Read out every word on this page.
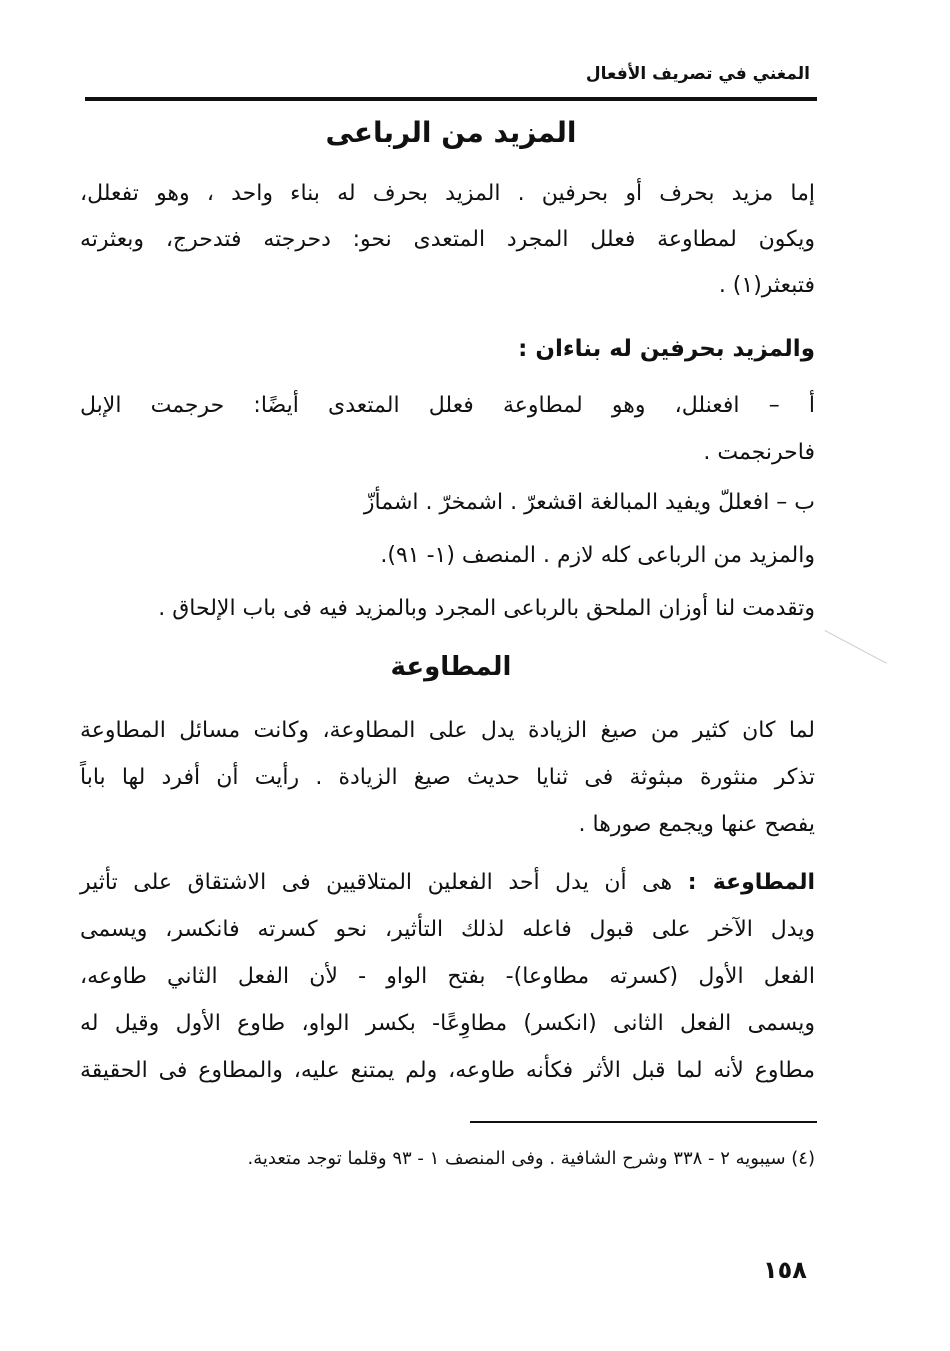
المغني في تصريف الأفعال
المزيد من الرباعى
إما مزيد بحرف أو بحرفين . المزيد بحرف له بناء واحد ، وهو تفعلل،
ويكون لمطاوعة فعلل المجرد المتعدى نحو: دحرجته فتدحرج، وبعثرته
فتبعثر(١) .
والمزيد بحرفين له بناءان :
أ – افعنلل، وهو لمطاوعة فعلل المتعدى أيضًا: حرجمت الإبل
فاحرنجمت .
ب – افعللّ ويفيد المبالغة اقشعرّ . اشمخرّ . اشمأزّ
والمزيد من الرباعى كله لازم . المنصف (١- ٩١).
وتقدمت لنا أوزان الملحق بالرباعى المجرد وبالمزيد فيه فى باب الإلحاق .
المطاوعة
لما كان كثير من صيغ الزيادة يدل على المطاوعة، وكانت مسائل المطاوعة
تذكر منثورة مبثوثة فى ثنايا حديث صيغ الزيادة . رأيت أن أفرد لها باباً
يفصح عنها ويجمع صورها .
المطاوعة : هى أن يدل أحد الفعلين المتلاقيين فى الاشتقاق على تأثير
ويدل الآخر على قبول فاعله لذلك التأثير، نحو كسرته فانكسر، ويسمى
الفعل الأول (كسرته مطاوعا)- بفتح الواو - لأن الفعل الثاني طاوعه،
ويسمى الفعل الثانى (انكسر) مطاوِعًا- بكسر الواو، طاوع الأول وقيل له
مطاوع لأنه لما قبل الأثر فكأنه طاوعه، ولم يمتنع عليه، والمطاوع فى الحقيقة
(٤) سيبويه ٢ - ٣٣٨ وشرح الشافية . وفى المنصف ١ - ٩٣ وقلما توجد متعدية.
١٥٨
